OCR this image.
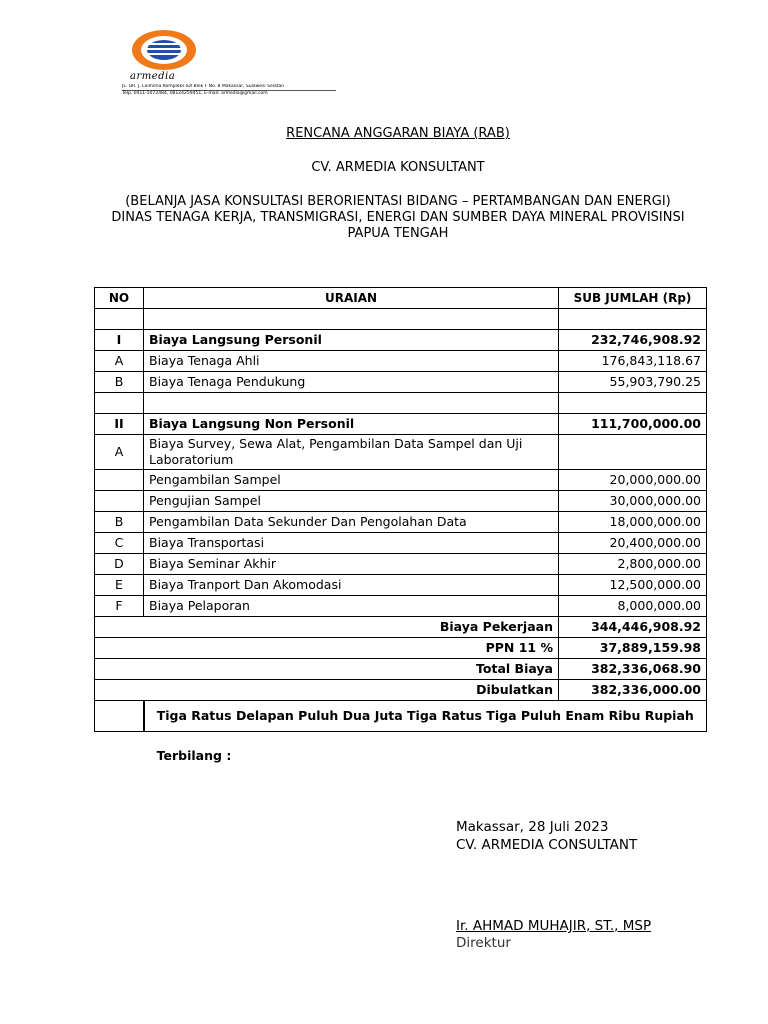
armedia
JL. DR. J. Leimena Kompleks IDI Blok F No. 8 Makassar, Sulawesi Selatan
Telp. 0411-5072484, 08124259451, E-mail: armedia@gmail.com
RENCANA ANGGARAN BIAYA (RAB)
CV. ARMEDIA KONSULTANT
(BELANJA JASA KONSULTASI BERORIENTASI BIDANG – PERTAMBANGAN DAN ENERGI)
DINAS TENAGA KERJA, TRANSMIGRASI, ENERGI DAN SUMBER DAYA MINERAL PROVISINSI PAPUA TENGAH
NO	URAIAN	SUB JUMLAH (Rp)

I	Biaya Langsung Personil	232,746,908.92
A	Biaya Tenaga Ahli	176,843,118.67
B	Biaya Tenaga Pendukung	55,903,790.25

II	Biaya Langsung Non Personil	111,700,000.00
A	Biaya Survey, Sewa Alat, Pengambilan Data Sampel dan Uji Laboratorium	
	Pengambilan Sampel	20,000,000.00
	Pengujian Sampel	30,000,000.00
B	Pengambilan Data Sekunder Dan Pengolahan Data	18,000,000.00
C	Biaya Transportasi	20,400,000.00
D	Biaya Seminar Akhir	2,800,000.00
E	Biaya Tranport Dan Akomodasi	12,500,000.00
F	Biaya Pelaporan	8,000,000.00
Biaya Pekerjaan		344,446,908.92
PPN 11 %		37,889,159.98
Total Biaya		382,336,068.90
Dibulatkan		382,336,000.00
	Tiga Ratus Delapan Puluh Dua Juta Tiga Ratus Tiga Puluh Enam Ribu Rupiah	
Terbilang :
Makassar, 28 Juli 2023
CV. ARMEDIA CONSULTANT
Ir. AHMAD MUHAJIR, ST., MSP
Direktur
